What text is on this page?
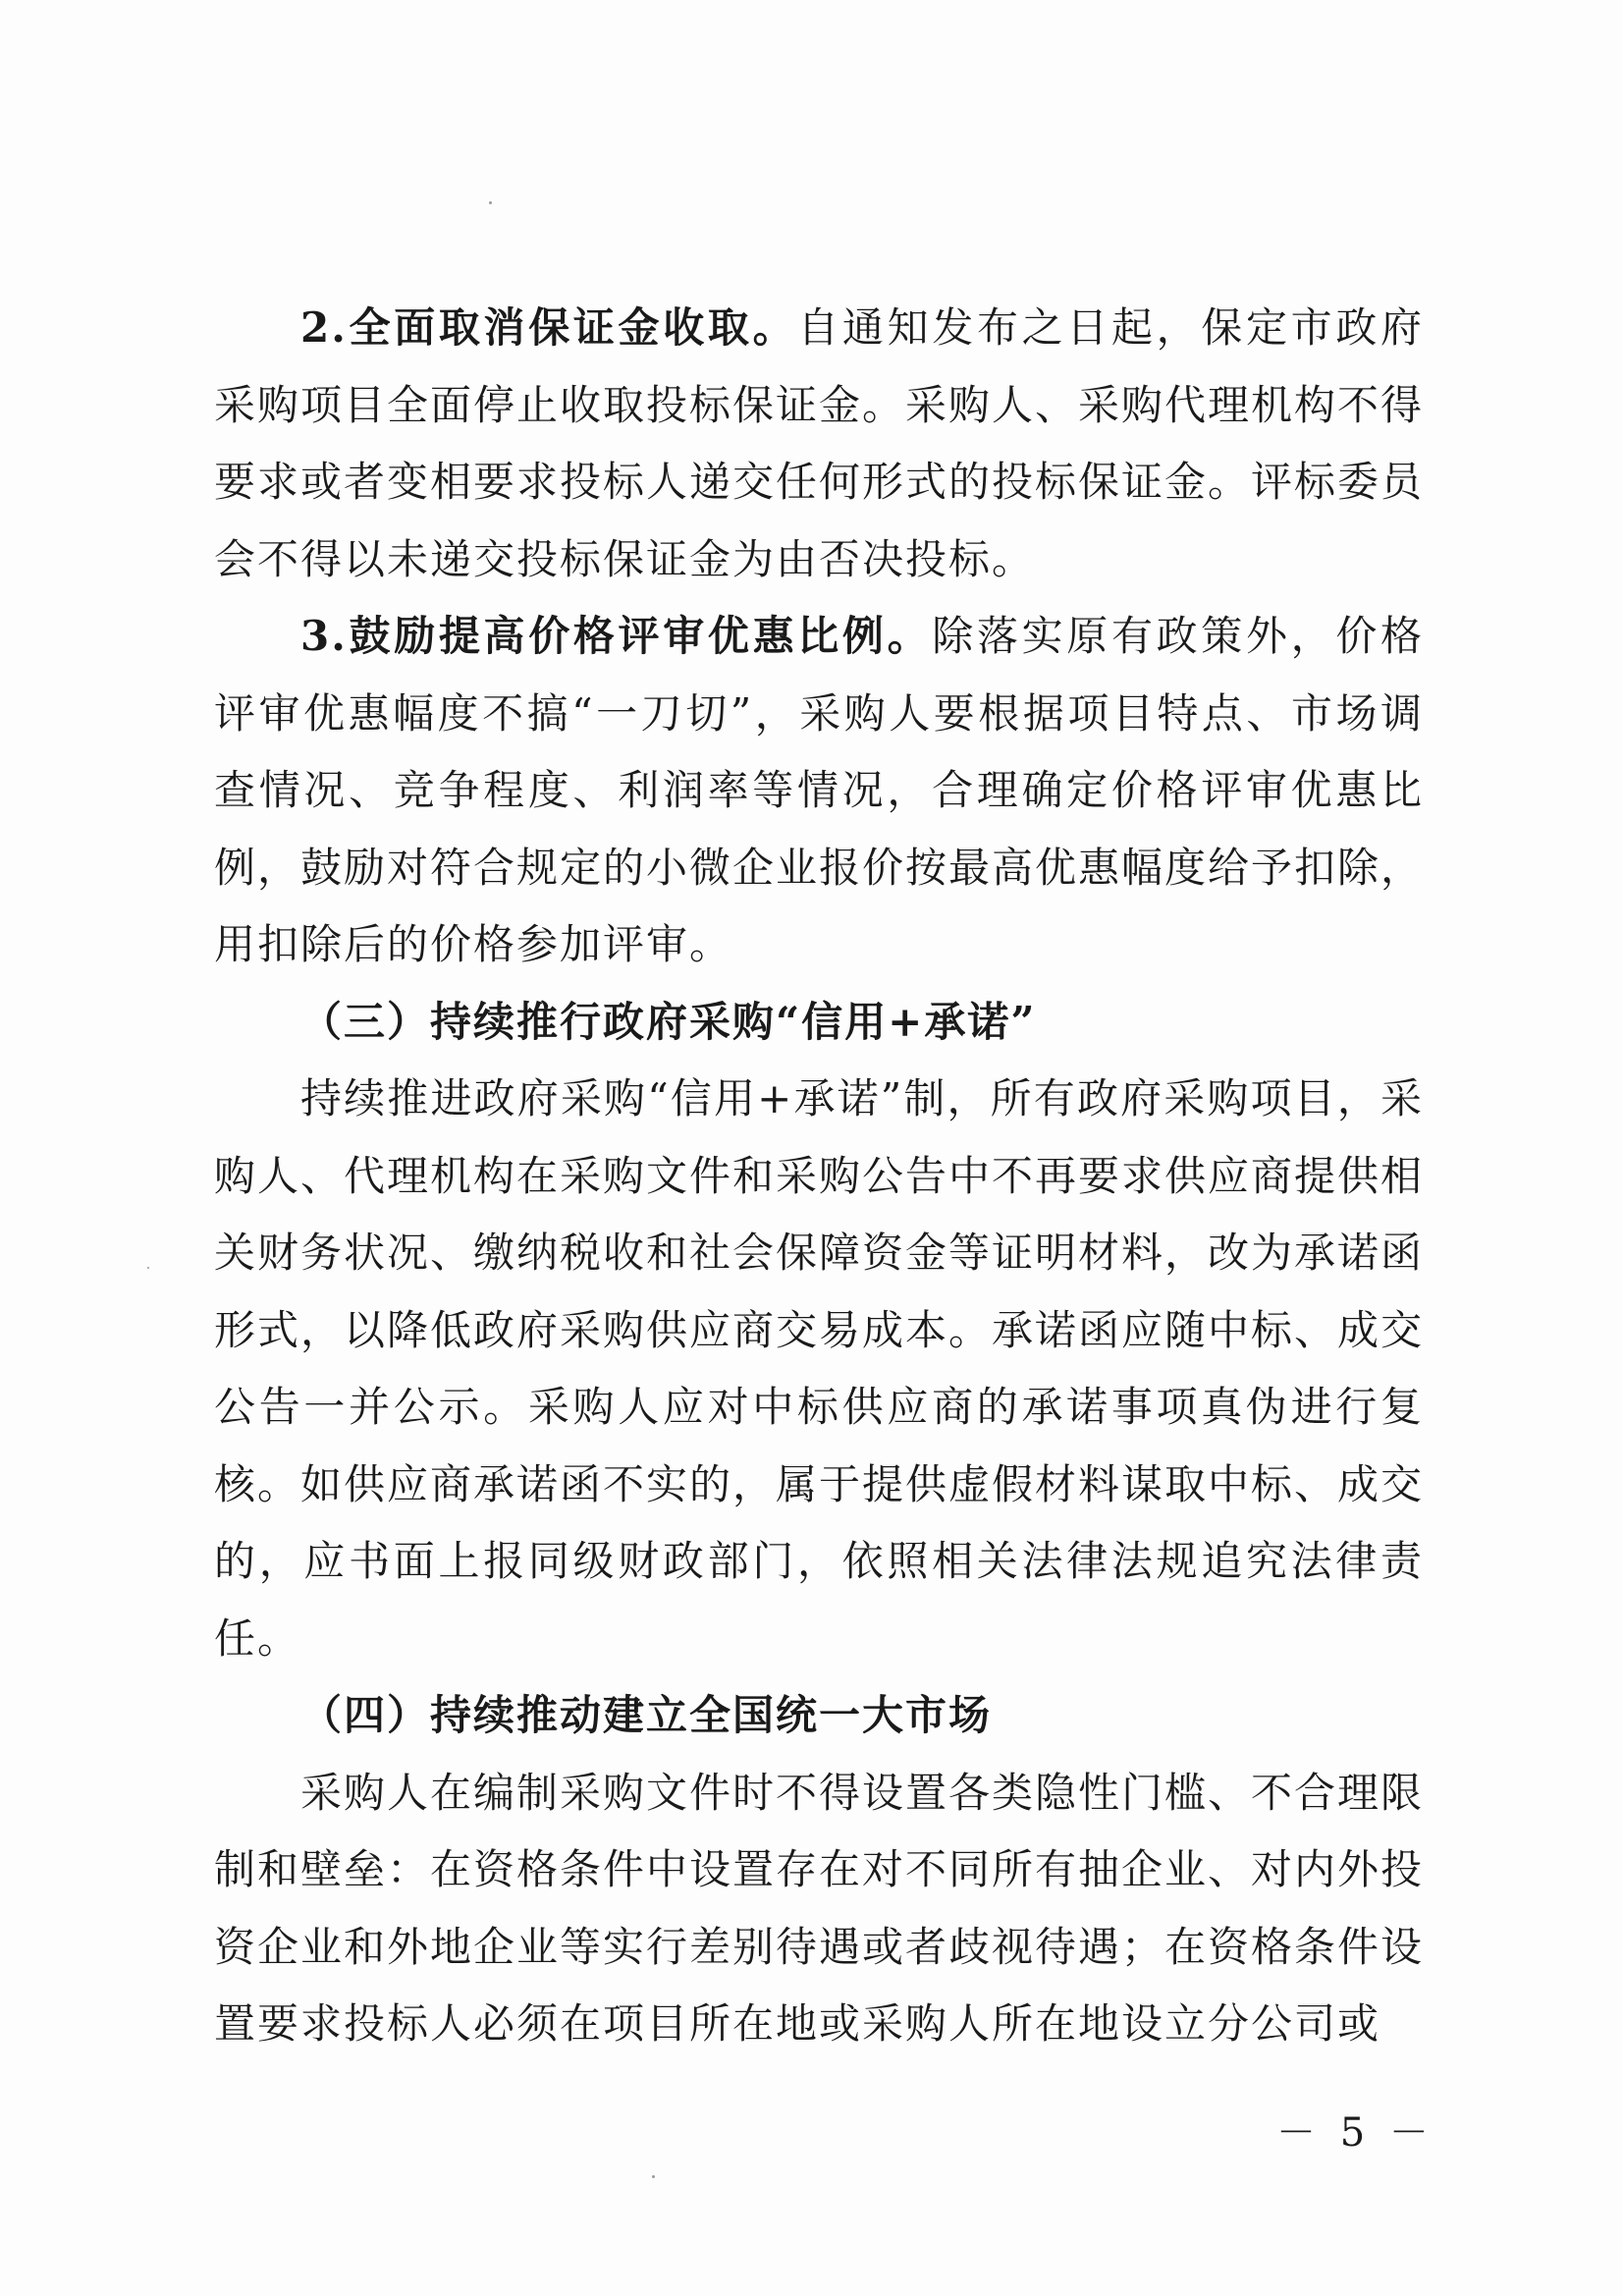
2.全面取消保证金收取。自通知发布之日起，保定市政府采购项目全面停止收取投标保证金。采购人、采购代理机构不得要求或者变相要求投标人递交任何形式的投标保证金。评标委员会不得以未递交投标保证金为由否决投标。

3.鼓励提高价格评审优惠比例。除落实原有政策外，价格评审优惠幅度不搞“一刀切”，采购人要根据项目特点、市场调查情况、竞争程度、利润率等情况，合理确定价格评审优惠比例，鼓励对符合规定的小微企业报价按最高优惠幅度给予扣除，用扣除后的价格参加评审。

（三）持续推行政府采购“信用+承诺”

持续推进政府采购“信用+承诺”制，所有政府采购项目，采购人、代理机构在采购文件和采购公告中不再要求供应商提供相关财务状况、缴纳税收和社会保障资金等证明材料，改为承诺函形式，以降低政府采购供应商交易成本。承诺函应随中标、成交公告一并公示。采购人应对中标供应商的承诺事项真伪进行复核。如供应商承诺函不实的，属于提供虚假材料谋取中标、成交的，应书面上报同级财政部门，依照相关法律法规追究法律责任。

（四）持续推动建立全国统一大市场

采购人在编制采购文件时不得设置各类隐性门槛、不合理限制和壁垒：在资格条件中设置存在对不同所有抽企业、对内外投资企业和外地企业等实行差别待遇或者歧视待遇；在资格条件设置要求投标人必须在项目所在地或采购人所在地设立分公司或

－ 5 －
